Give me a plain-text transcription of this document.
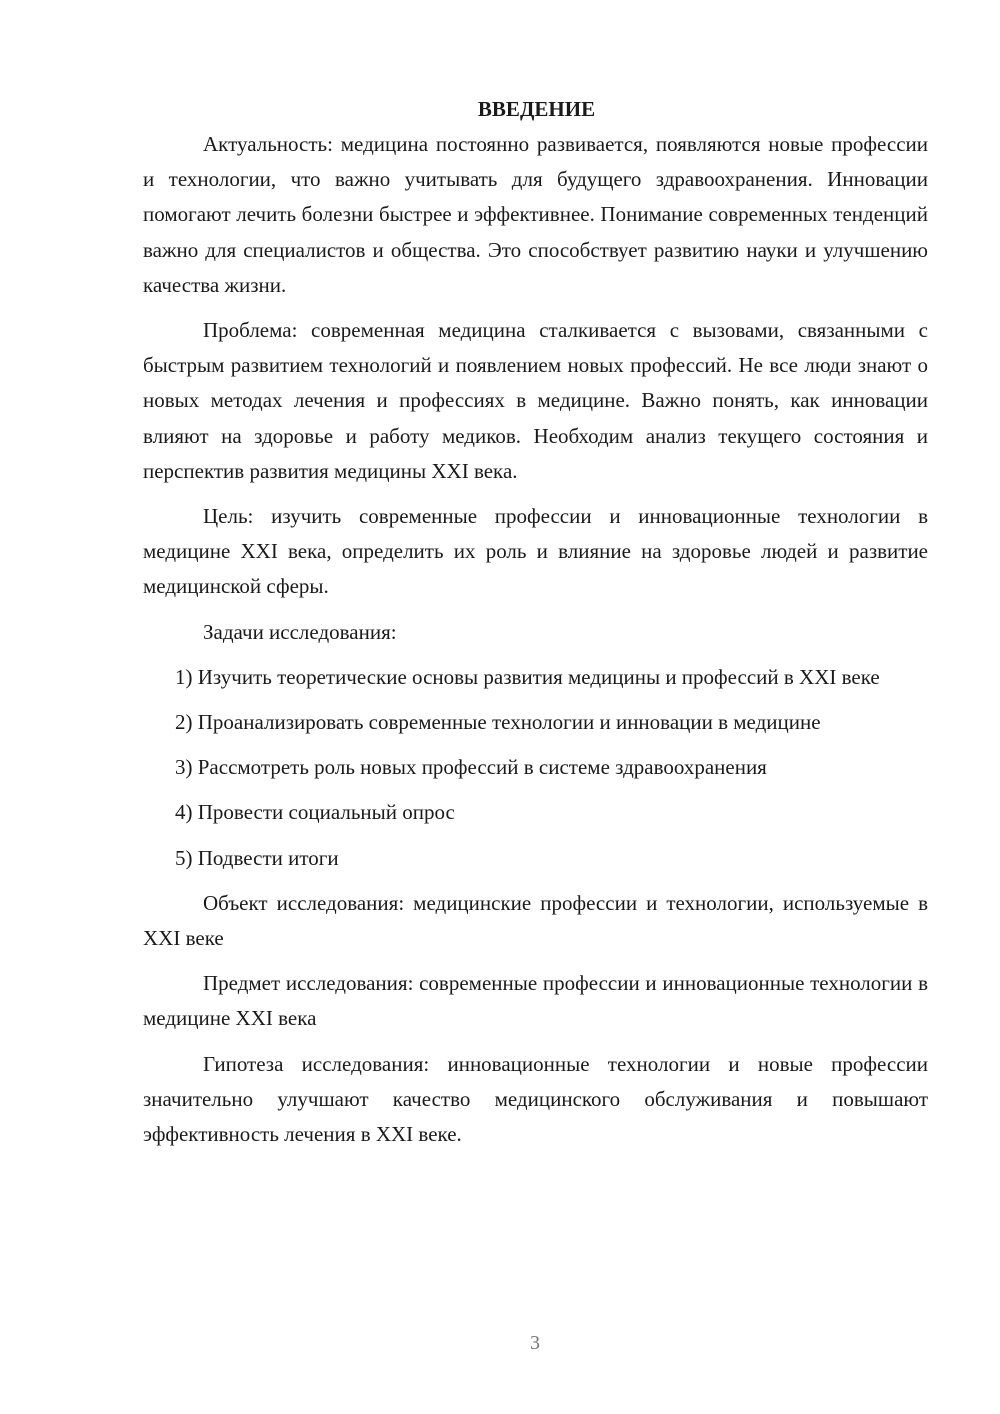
ВВЕДЕНИЕ

Актуальность: медицина постоянно развивается, появляются новые профессии и технологии, что важно учитывать для будущего здравоохранения. Инновации помогают лечить болезни быстрее и эффективнее. Понимание современных тенденций важно для специалистов и общества. Это способствует развитию науки и улучшению качества жизни.

Проблема: современная медицина сталкивается с вызовами, связанными с быстрым развитием технологий и появлением новых профессий. Не все люди знают о новых методах лечения и профессиях в медицине. Важно понять, как инновации влияют на здоровье и работу медиков. Необходим анализ текущего состояния и перспектив развития медицины XXI века.

Цель: изучить современные профессии и инновационные технологии в медицине XXI века, определить их роль и влияние на здоровье людей и развитие медицинской сферы.

Задачи исследования:

1) Изучить теоретические основы развития медицины и профессий в XXI веке

2) Проанализировать современные технологии и инновации в медицине

3) Рассмотреть роль новых профессий в системе здравоохранения

4) Провести социальный опрос

5) Подвести итоги

Объект исследования: медицинские профессии и технологии, используемые в XXI веке

Предмет исследования: современные профессии и инновационные технологии в медицине XXI века

Гипотеза исследования: инновационные технологии и новые профессии значительно улучшают качество медицинского обслуживания и повышают эффективность лечения в XXI веке.

3
